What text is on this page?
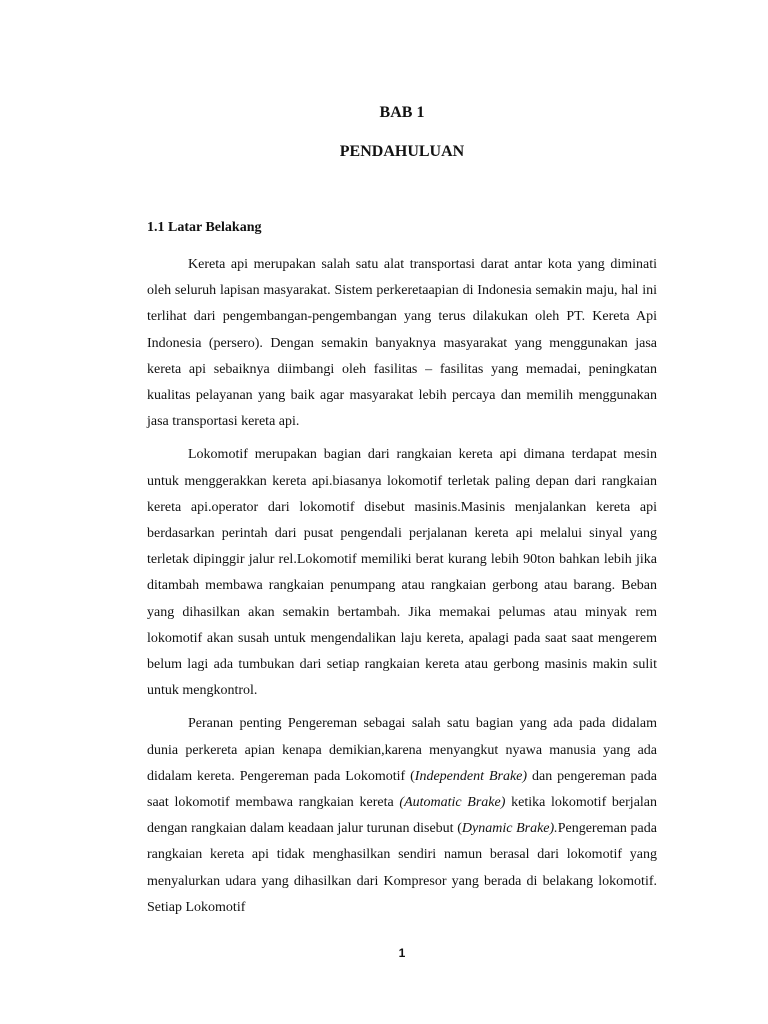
BAB 1
PENDAHULUAN
1.1 Latar Belakang

Kereta api merupakan salah satu alat transportasi darat antar kota yang diminati oleh seluruh lapisan masyarakat. Sistem perkeretaapian di Indonesia semakin maju, hal ini terlihat dari pengembangan-pengembangan yang terus dilakukan oleh PT. Kereta Api Indonesia (persero). Dengan semakin banyaknya masyarakat yang menggunakan jasa kereta api sebaiknya diimbangi oleh fasilitas – fasilitas yang memadai, peningkatan kualitas pelayanan yang baik agar masyarakat lebih percaya dan memilih menggunakan jasa transportasi kereta api.

Lokomotif merupakan bagian dari rangkaian kereta api dimana terdapat mesin untuk menggerakkan kereta api.biasanya lokomotif terletak paling depan dari rangkaian kereta api.operator dari lokomotif disebut masinis.Masinis menjalankan kereta api berdasarkan perintah dari pusat pengendali perjalanan kereta api melalui sinyal yang terletak dipinggir jalur rel.Lokomotif memiliki berat kurang lebih 90ton bahkan lebih jika ditambah membawa rangkaian penumpang atau rangkaian gerbong atau barang. Beban yang dihasilkan akan semakin bertambah. Jika memakai pelumas atau minyak rem lokomotif akan susah untuk mengendalikan laju kereta, apalagi pada saat saat mengerem belum lagi ada tumbukan dari setiap rangkaian kereta atau gerbong masinis makin sulit untuk mengkontrol.

Peranan penting Pengereman sebagai salah satu bagian yang ada pada didalam dunia perkereta apian kenapa demikian,karena menyangkut nyawa manusia yang ada didalam kereta. Pengereman pada Lokomotif (Independent Brake) dan pengereman pada saat lokomotif membawa rangkaian kereta (Automatic Brake) ketika lokomotif berjalan dengan rangkaian dalam keadaan jalur turunan disebut (Dynamic Brake).Pengereman pada rangkaian kereta api tidak menghasilkan sendiri namun berasal dari lokomotif yang menyalurkan udara yang dihasilkan dari Kompresor yang berada di belakang lokomotif. Setiap Lokomotif

1
